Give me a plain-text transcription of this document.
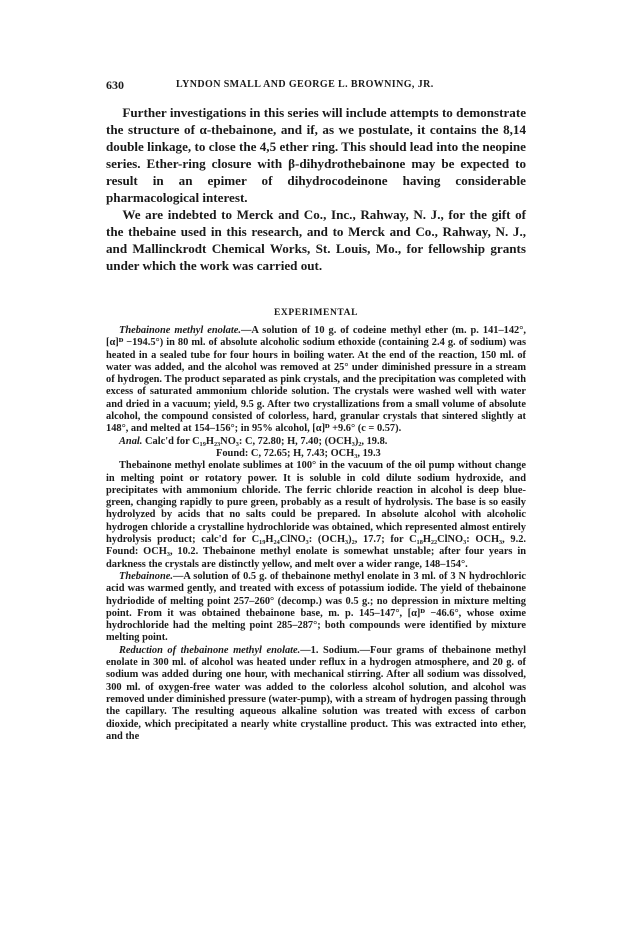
630	LYNDON SMALL AND GEORGE L. BROWNING, JR.

Further investigations in this series will include attempts to demonstrate the structure of α-thebainone, and if, as we postulate, it contains the 8,14 double linkage, to close the 4,5 ether ring. This should lead into the neopine series. Ether-ring closure with β-dihydrothebainone may be expected to result in an epimer of dihydrocodeinone having considerable pharmacological interest.

We are indebted to Merck and Co., Inc., Rahway, N. J., for the gift of the thebaine used in this research, and to Merck and Co., Rahway, N. J., and Mallinckrodt Chemical Works, St. Louis, Mo., for fellowship grants under which the work was carried out.

EXPERIMENTAL

Thebainone methyl enolate.—A solution of 10 g. of codeine methyl ether (m. p. 141–142°, [α]ᴰ −194.5°) in 80 ml. of absolute alcoholic sodium ethoxide (containing 2.4 g. of sodium) was heated in a sealed tube for four hours in boiling water. At the end of the reaction, 150 ml. of water was added, and the alcohol was removed at 25° under diminished pressure in a stream of hydrogen. The product separated as pink crystals, and the precipitation was completed with excess of saturated ammonium chloride solution. The crystals were washed well with water and dried in a vacuum; yield, 9.5 g. After two crystallizations from a small volume of absolute alcohol, the compound consisted of colorless, hard, granular crystals that sintered slightly at 148°, and melted at 154–156°; in 95% alcohol, [α]ᴰ +9.6° (c = 0.57).

Anal. Calc'd for C₁₉H₂₃NO₃: C, 72.80; H, 7.40; (OCH₃)₂, 19.8.

Found: C, 72.65; H, 7.43; OCH₃, 19.3

Thebainone methyl enolate sublimes at 100° in the vacuum of the oil pump without change in melting point or rotatory power. It is soluble in cold dilute sodium hydroxide, and precipitates with ammonium chloride. The ferric chloride reaction in alcohol is deep blue-green, changing rapidly to pure green, probably as a result of hydrolysis. The base is so easily hydrolyzed by acids that no salts could be prepared. In absolute alcohol with alcoholic hydrogen chloride a crystalline hydrochloride was obtained, which represented almost entirely hydrolysis product; calc'd for C₁₉H₂₄ClNO₃: (OCH₃)₂, 17.7; for C₁₈H₂₂ClNO₃: OCH₃, 9.2. Found: OCH₃, 10.2. Thebainone methyl enolate is somewhat unstable; after four years in darkness the crystals are distinctly yellow, and melt over a wider range, 148–154°.

Thebainone.—A solution of 0.5 g. of thebainone methyl enolate in 3 ml. of 3 N hydrochloric acid was warmed gently, and treated with excess of potassium iodide. The yield of thebainone hydriodide of melting point 257–260° (decomp.) was 0.5 g.; no depression in mixture melting point. From it was obtained thebainone base, m. p. 145–147°, [α]ᴰ −46.6°, whose oxime hydrochloride had the melting point 285–287°; both compounds were identified by mixture melting point.

Reduction of thebainone methyl enolate.—1. Sodium.—Four grams of thebainone methyl enolate in 300 ml. of alcohol was heated under reflux in a hydrogen atmosphere, and 20 g. of sodium was added during one hour, with mechanical stirring. After all sodium was dissolved, 300 ml. of oxygen-free water was added to the colorless alcohol solution, and alcohol was removed under diminished pressure (water-pump), with a stream of hydrogen passing through the capillary. The resulting aqueous alkaline solution was treated with excess of carbon dioxide, which precipitated a nearly white crystalline product. This was extracted into ether, and the
